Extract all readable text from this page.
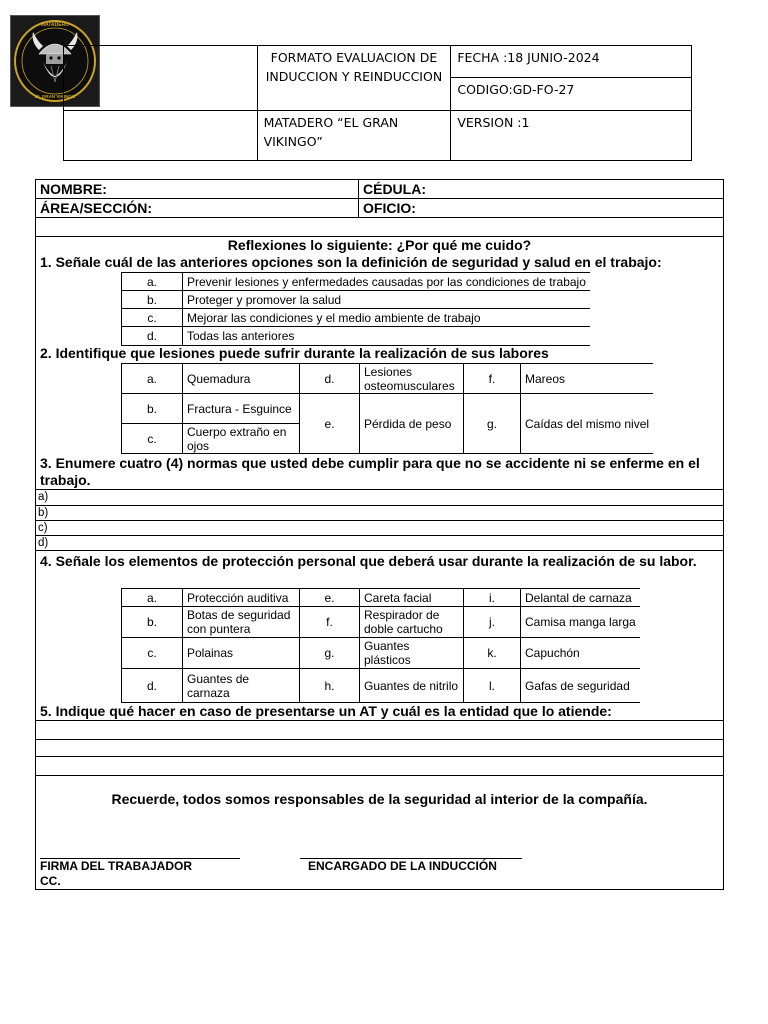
MATADERO
EL GRAN VIKINGO
	FORMATO EVALUACION DE INDUCCION Y REINDUCCION	FECHA :18 JUNIO-2024
		CODIGO:GD-FO-27
	MATADERO “EL GRAN VIKINGO”	VERSION :1
NOMBRE:	CÉDULA:
ÁREA/SECCIÓN:	OFICIO:
Reflexiones lo siguiente: ¿Por qué me cuido?
1. Señale cuál de las anteriores opciones son la definición de seguridad y salud en el trabajo:
a.	Prevenir lesiones y enfermedades causadas por las condiciones de trabajo
b.	Proteger y promover la salud
c.	Mejorar las condiciones y el medio ambiente de trabajo
d.	Todas las anteriores
2. Identifique que lesiones puede sufrir durante la realización de sus labores
a.	Quemadura	d.	Lesiones osteomusculares	f.	Mareos
b.	Fractura - Esguince	e.	Pérdida de peso	g.	Caídas del mismo nivel
c.	Cuerpo extraño en ojos				
3. Enumere cuatro (4) normas que usted debe cumplir para que no se accidente ni se enferme en el trabajo.
a)
b)
c)
d)
4. Señale los elementos de protección personal que deberá usar durante la realización de su labor.
a.	Protección auditiva	e.	Careta facial	i.	Delantal de carnaza
b.	Botas de seguridad con puntera	f.	Respirador de doble cartucho	j.	Camisa manga larga
c.	Polainas	g.	Guantes plásticos	k.	Capuchón
d.	Guantes de carnaza	h.	Guantes de nitrilo	l.	Gafas de seguridad
5. Indique qué hacer en caso de presentarse un AT y cuál es la entidad que lo atiende:
Recuerde, todos somos responsables de la seguridad al interior de la compañía.
FIRMA DEL TRABAJADOR
CC.
ENCARGADO DE LA INDUCCIÓN
